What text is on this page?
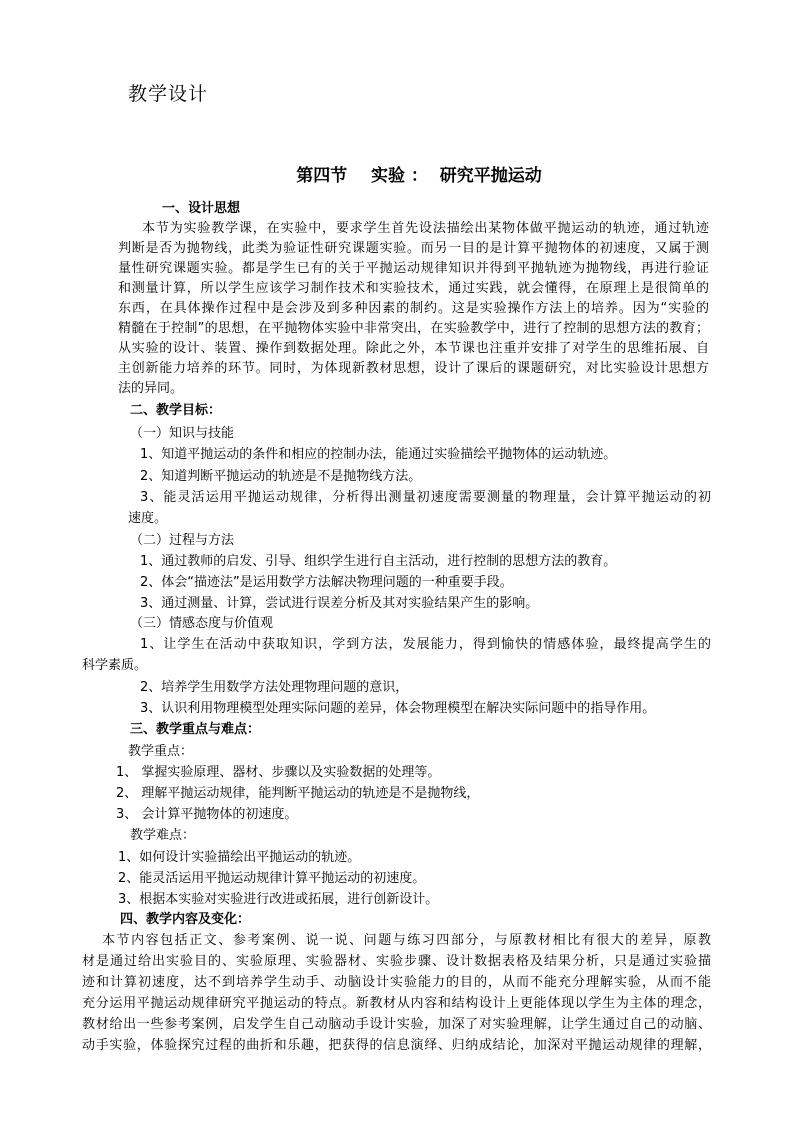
教学设计
第四节    实验 ：  研究平抛运动
一、设计思想
本节为实验教学课，在实验中，要求学生首先设法描绘出某物体做平抛运动的轨迹，通过轨迹
判断是否为抛物线，此类为验证性研究课题实验。而另一目的是计算平抛物体的初速度，又属于测
量性研究课题实验。都是学生已有的关于平抛运动规律知识并得到平抛轨迹为抛物线，再进行验证
和测量计算，所以学生应该学习制作技术和实验技术，通过实践，就会懂得，在原理上是很简单的
东西，在具体操作过程中是会涉及到多种因素的制约。这是实验操作方法上的培养。因为“实验的
精髓在于控制”的思想，在平抛物体实验中非常突出，在实验教学中，进行了控制的思想方法的教育；
从实验的设计、装置、操作到数据处理。除此之外，本节课也注重并安排了对学生的思维拓展、自
主创新能力培养的环节。同时，为体现新教材思想，设计了课后的课题研究，对比实验设计思想方
法的异同。
二、教学目标：
（一）知识与技能
1、知道平抛运动的条件和相应的控制办法，能通过实验描绘平抛物体的运动轨迹。
2、知道判断平抛运动的轨迹是不是抛物线方法。
3、能灵活运用平抛运动规律，分析得出测量初速度需要测量的物理量，会计算平抛运动的初
速度。
（二）过程与方法
1、通过教师的启发、引导、组织学生进行自主活动，进行控制的思想方法的教育。
2、体会“描迹法”是运用数学方法解决物理问题的一种重要手段。
3、通过测量、计算，尝试进行误差分析及其对实验结果产生的影响。
（三）情感态度与价值观
1、让学生在活动中获取知识，学到方法，发展能力，得到愉快的情感体验，最终提高学生的
科学素质。
2、培养学生用数学方法处理物理问题的意识，
3、认识利用物理模型处理实际问题的差异，体会物理模型在解决实际问题中的指导作用。
三、教学重点与难点：
教学重点：
1、 掌握实验原理、器材、步骤以及实验数据的处理等。
2、 理解平抛运动规律，能判断平抛运动的轨迹是不是抛物线，
3、 会计算平抛物体的初速度。
教学难点：
1、如何设计实验描绘出平抛运动的轨迹。
2、能灵活运用平抛运动规律计算平抛运动的初速度。
3、根据本实验对实验进行改进或拓展，进行创新设计。
四、教学内容及变化：
本节内容包括正文、参考案例、说一说、问题与练习四部分，与原教材相比有很大的差异，原教
材是通过给出实验目的、实验原理、实验器材、实验步骤、设计数据表格及结果分析，只是通过实验描
迹和计算初速度，达不到培养学生动手、动脑设计实验能力的目的，从而不能充分理解实验，从而不能
充分运用平抛运动规律研究平抛运动的特点。新教材从内容和结构设计上更能体现以学生为主体的理念，
教材给出一些参考案例，启发学生自己动脑动手设计实验，加深了对实验理解，让学生通过自己的动脑、
动手实验，体验探究过程的曲折和乐趣，把获得的信息演绎、归纳成结论，加深对平抛运动规律的理解，
